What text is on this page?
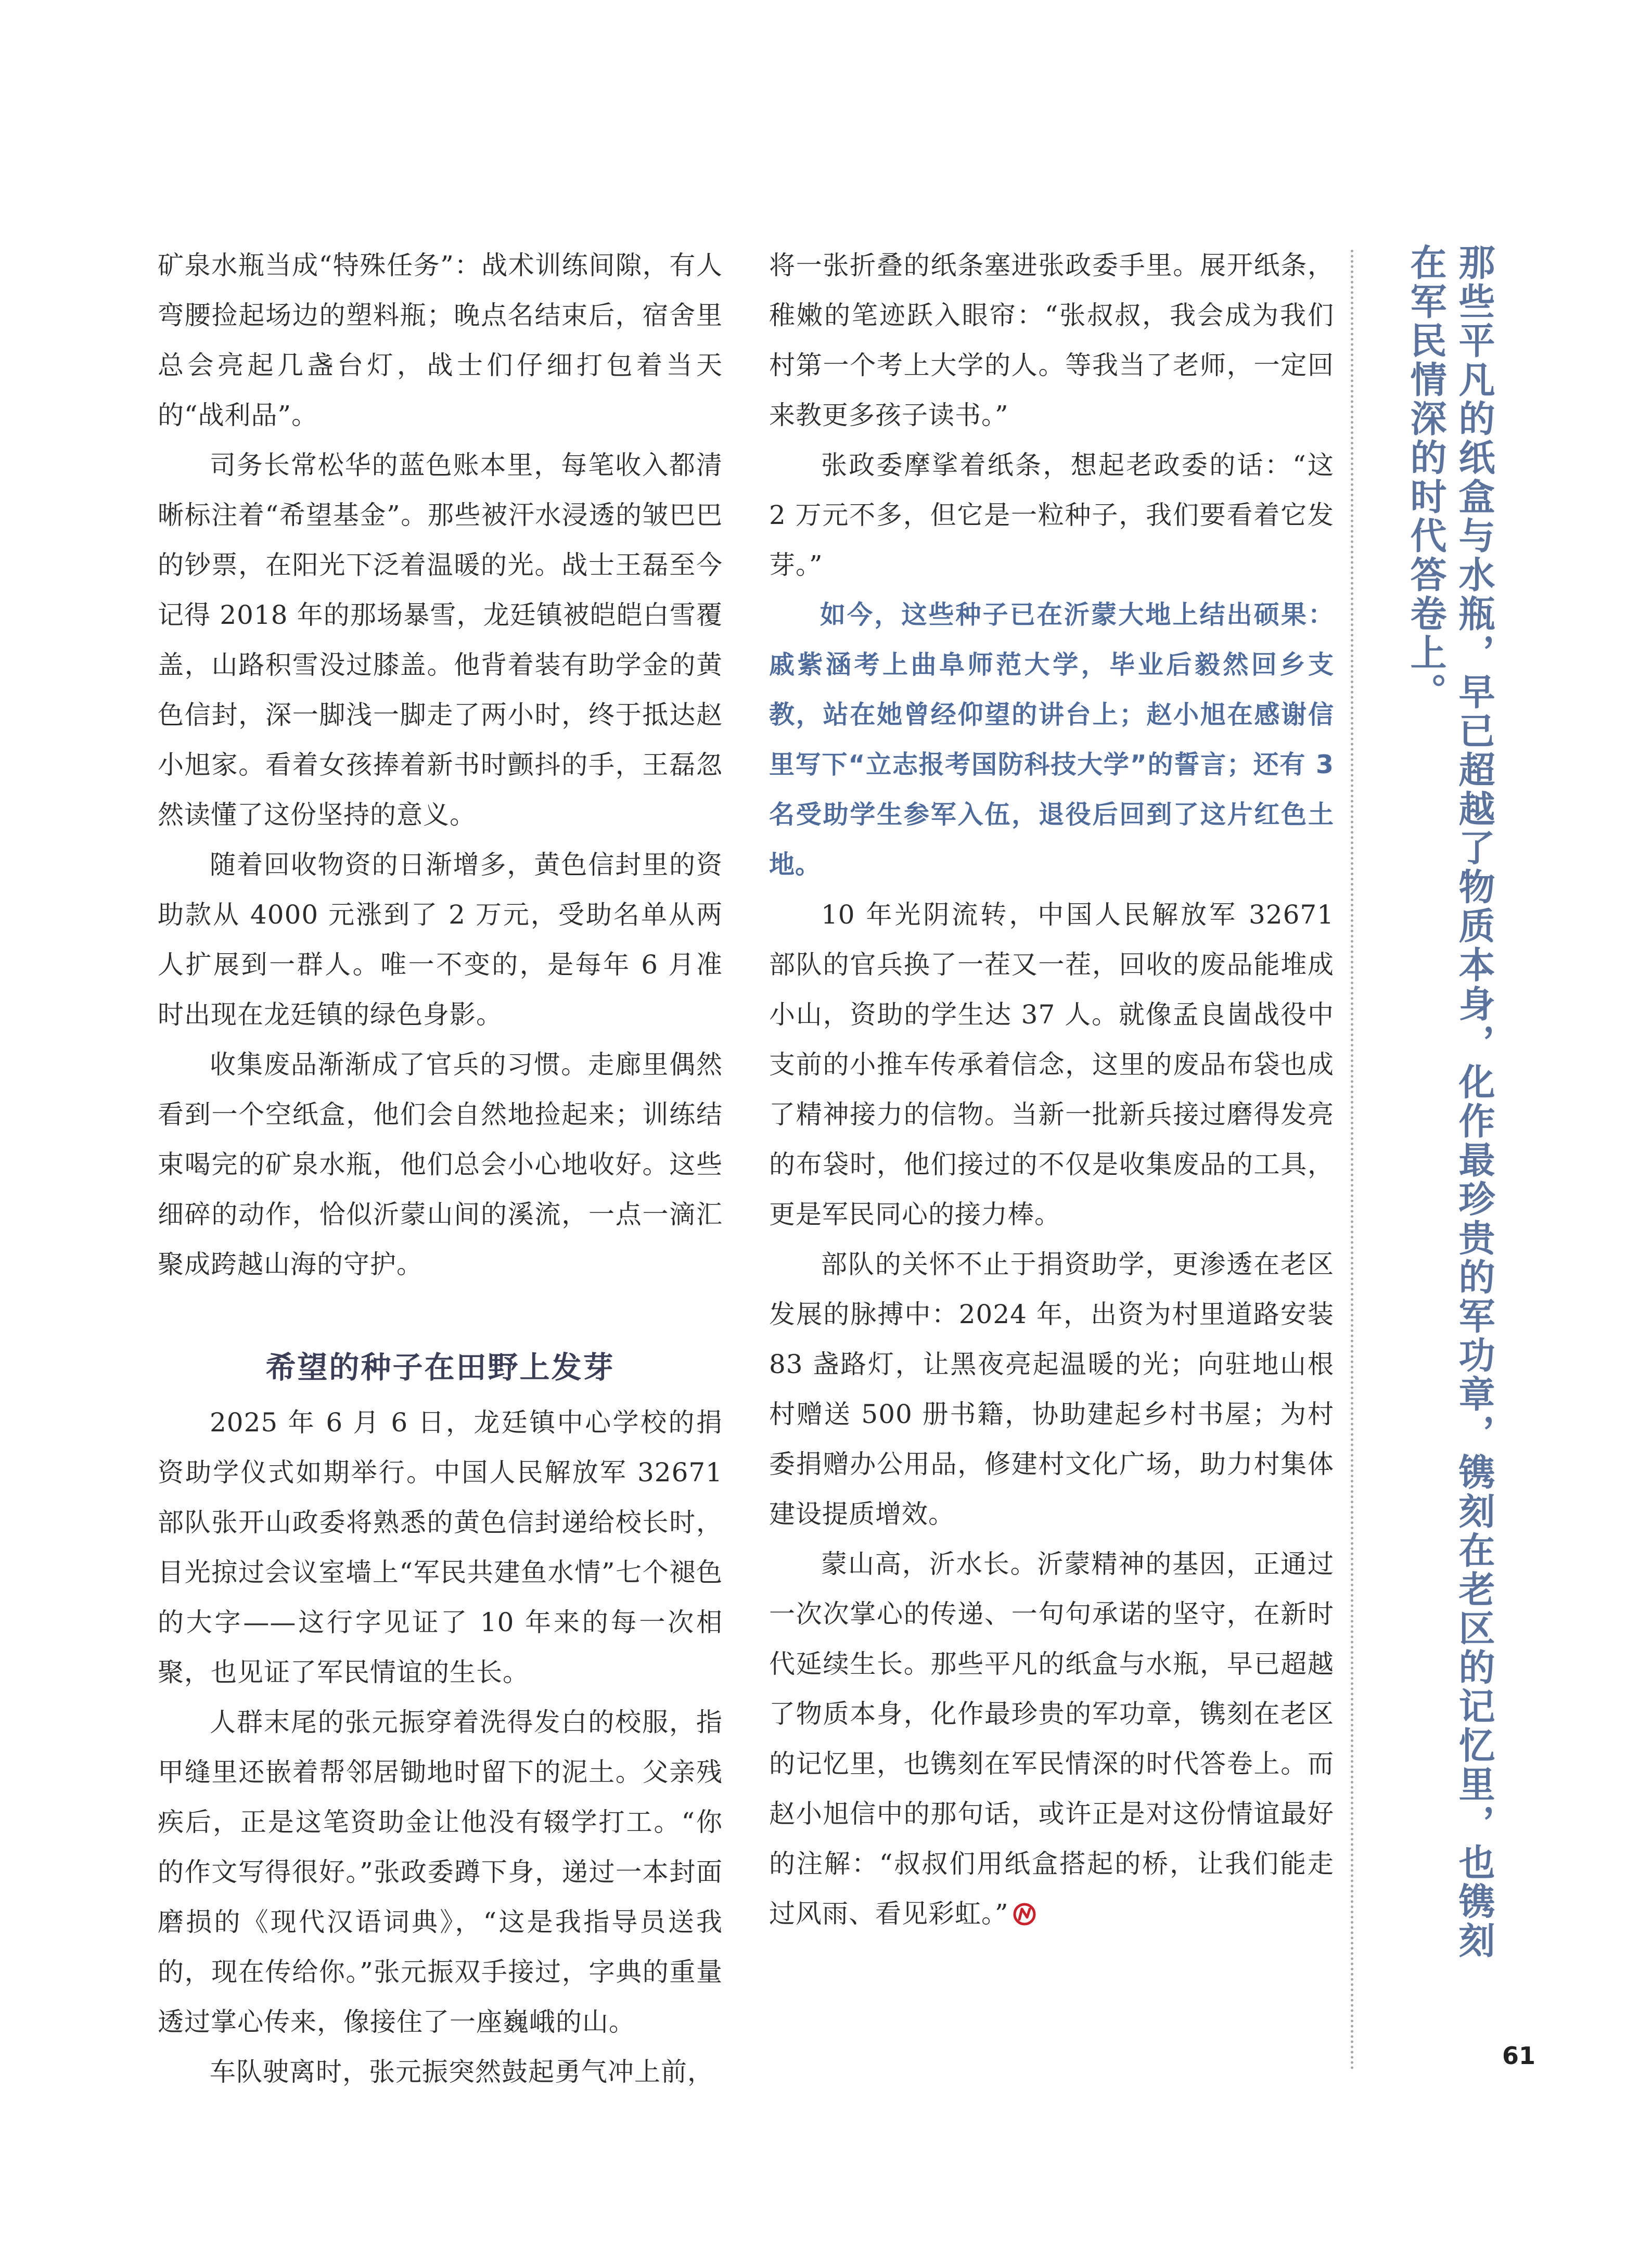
矿泉水瓶当成“特殊任务”：战术训练间隙，有人弯腰捡起场边的塑料瓶；晚点名结束后，宿舍里总会亮起几盏台灯，战士们仔细打包着当天的“战利品”。

司务长常松华的蓝色账本里，每笔收入都清晰标注着“希望基金”。那些被汗水浸透的皱巴巴的钞票，在阳光下泛着温暖的光。战士王磊至今记得 2018 年的那场暴雪，龙廷镇被皑皑白雪覆盖，山路积雪没过膝盖。他背着装有助学金的黄色信封，深一脚浅一脚走了两小时，终于抵达赵小旭家。看着女孩捧着新书时颤抖的手，王磊忽然读懂了这份坚持的意义。

随着回收物资的日渐增多，黄色信封里的资助款从 4000 元涨到了 2 万元，受助名单从两人扩展到一群人。唯一不变的，是每年 6 月准时出现在龙廷镇的绿色身影。

收集废品渐渐成了官兵的习惯。走廊里偶然看到一个空纸盒，他们会自然地捡起来；训练结束喝完的矿泉水瓶，他们总会小心地收好。这些细碎的动作，恰似沂蒙山间的溪流，一点一滴汇聚成跨越山海的守护。

希望的种子在田野上发芽

2025 年 6 月 6 日，龙廷镇中心学校的捐资助学仪式如期举行。中国人民解放军 32671 部队张开山政委将熟悉的黄色信封递给校长时，目光掠过会议室墙上“军民共建鱼水情”七个褪色的大字——这行字见证了 10 年来的每一次相聚，也见证了军民情谊的生长。

人群末尾的张元振穿着洗得发白的校服，指甲缝里还嵌着帮邻居锄地时留下的泥土。父亲残疾后，正是这笔资助金让他没有辍学打工。“你的作文写得很好。”张政委蹲下身，递过一本封面磨损的《现代汉语词典》，“这是我指导员送我的，现在传给你。”张元振双手接过，字典的重量透过掌心传来，像接住了一座巍峨的山。

车队驶离时，张元振突然鼓起勇气冲上前，

将一张折叠的纸条塞进张政委手里。展开纸条，稚嫩的笔迹跃入眼帘：“张叔叔，我会成为我们村第一个考上大学的人。等我当了老师，一定回来教更多孩子读书。”

张政委摩挲着纸条，想起老政委的话：“这 2 万元不多，但它是一粒种子，我们要看着它发芽。”

如今，这些种子已在沂蒙大地上结出硕果：戚紫涵考上曲阜师范大学，毕业后毅然回乡支教，站在她曾经仰望的讲台上；赵小旭在感谢信里写下“立志报考国防科技大学”的誓言；还有 3 名受助学生参军入伍，退役后回到了这片红色土地。

10 年光阴流转，中国人民解放军 32671 部队的官兵换了一茬又一茬，回收的废品能堆成小山，资助的学生达 37 人。就像孟良崮战役中支前的小推车传承着信念，这里的废品布袋也成了精神接力的信物。当新一批新兵接过磨得发亮的布袋时，他们接过的不仅是收集废品的工具，更是军民同心的接力棒。

部队的关怀不止于捐资助学，更渗透在老区发展的脉搏中：2024 年，出资为村里道路安装 83 盏路灯，让黑夜亮起温暖的光；向驻地山根村赠送 500 册书籍，协助建起乡村书屋；为村委捐赠办公用品，修建村文化广场，助力村集体建设提质增效。

蒙山高，沂水长。沂蒙精神的基因，正通过一次次掌心的传递、一句句承诺的坚守，在新时代延续生长。那些平凡的纸盒与水瓶，早已超越了物质本身，化作最珍贵的军功章，镌刻在老区的记忆里，也镌刻在军民情深的时代答卷上。而赵小旭信中的那句话，或许正是对这份情谊最好的注解：“叔叔们用纸盒搭起的桥，让我们能走过风雨、看见彩虹。”	那些平凡的纸盒与水瓶，早已超越了物质本身，化作最珍贵的军功章，镌刻在老区的记忆里，也镌刻在军民情深的时代答卷上。

61
